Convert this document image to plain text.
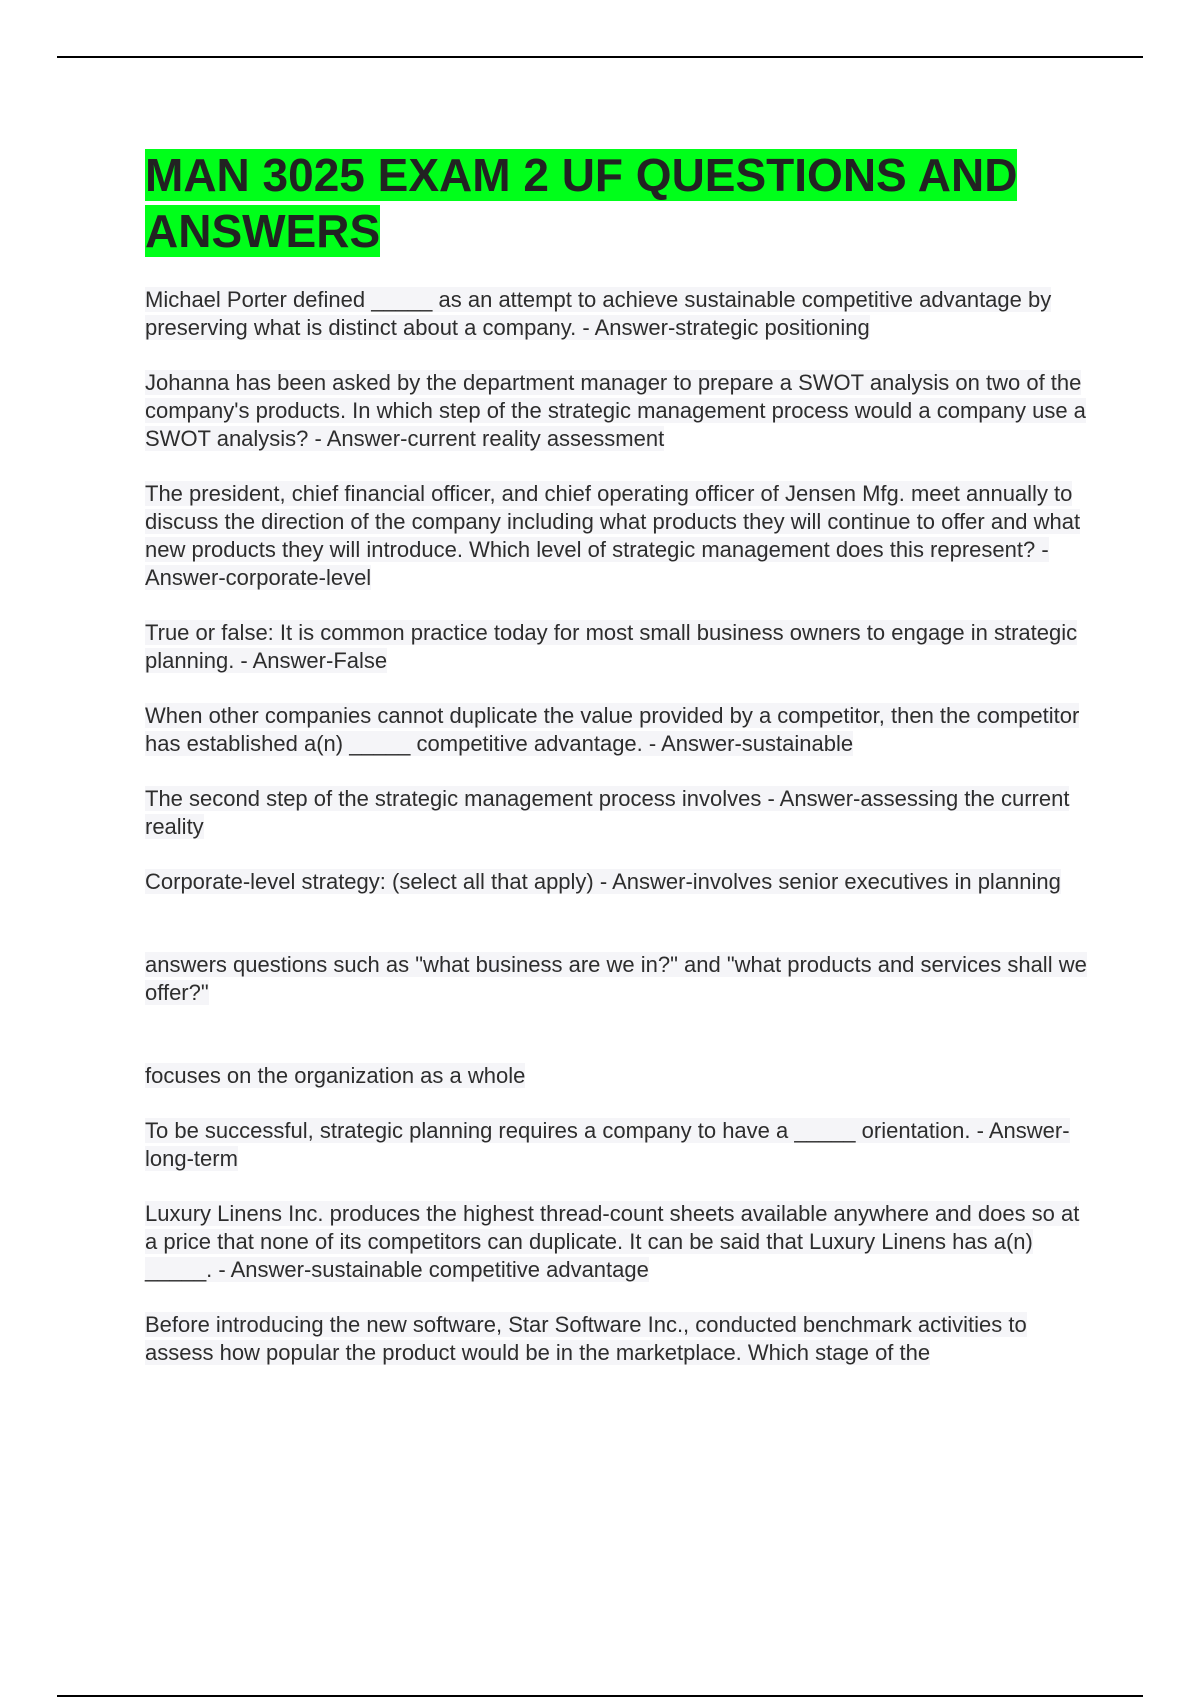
MAN 3025 EXAM 2 UF QUESTIONS AND ANSWERS

Michael Porter defined _____ as an attempt to achieve sustainable competitive advantage by preserving what is distinct about a company. - Answer-strategic positioning

Johanna has been asked by the department manager to prepare a SWOT analysis on two of the company's products. In which step of the strategic management process would a company use a SWOT analysis? - Answer-current reality assessment

The president, chief financial officer, and chief operating officer of Jensen Mfg. meet annually to discuss the direction of the company including what products they will continue to offer and what new products they will introduce. Which level of strategic management does this represent? - Answer-corporate-level

True or false: It is common practice today for most small business owners to engage in strategic planning. - Answer-False

When other companies cannot duplicate the value provided by a competitor, then the competitor has established a(n) _____ competitive advantage. - Answer-sustainable

The second step of the strategic management process involves - Answer-assessing the current reality

Corporate-level strategy: (select all that apply) - Answer-involves senior executives in planning

answers questions such as "what business are we in?" and "what products and services shall we offer?"

focuses on the organization as a whole

To be successful, strategic planning requires a company to have a _____ orientation. - Answer-long-term

Luxury Linens Inc. produces the highest thread-count sheets available anywhere and does so at a price that none of its competitors can duplicate. It can be said that Luxury Linens has a(n) _____. - Answer-sustainable competitive advantage

Before introducing the new software, Star Software Inc., conducted benchmark activities to assess how popular the product would be in the marketplace. Which stage of the
